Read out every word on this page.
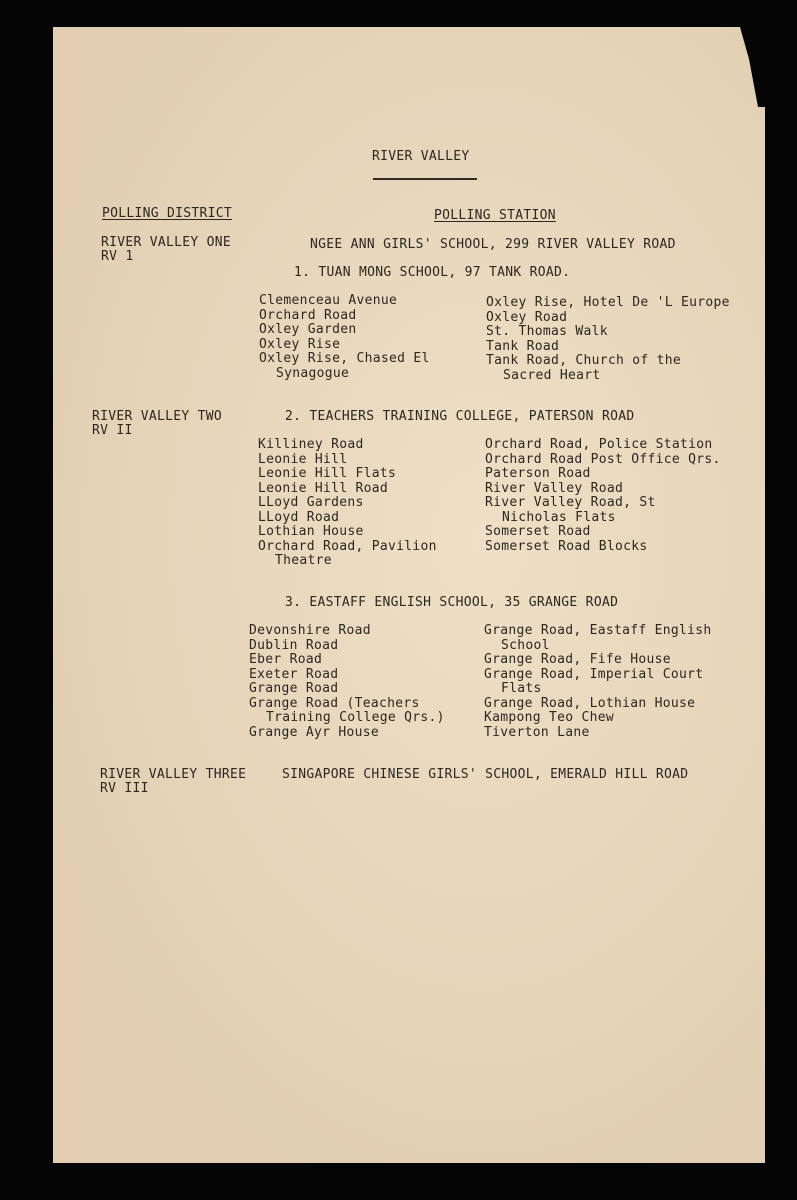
RIVER VALLEY
POLLING DISTRICT	POLLING STATION
RIVER VALLEY ONE
RV 1
NGEE ANN GIRLS' SCHOOL, 299 RIVER VALLEY ROAD
1. TUAN MONG SCHOOL, 97 TANK ROAD.
Clemenceau Avenue
Orchard Road
Oxley Garden
Oxley Rise
Oxley Rise, Chased El
Synagogue
Oxley Rise, Hotel De 'L Europe
Oxley Road
St. Thomas Walk
Tank Road
Tank Road, Church of the
Sacred Heart
RIVER VALLEY TWO
RV II
2. TEACHERS TRAINING COLLEGE, PATERSON ROAD
Killiney Road
Leonie Hill
Leonie Hill Flats
Leonie Hill Road
LLoyd Gardens
LLoyd Road
Lothian House
Orchard Road, Pavilion
Theatre
Orchard Road, Police Station
Orchard Road Post Office Qrs.
Paterson Road
River Valley Road
River Valley Road, St
Nicholas Flats
Somerset Road
Somerset Road Blocks
3. EASTAFF ENGLISH SCHOOL, 35 GRANGE ROAD
Devonshire Road
Dublin Road
Eber Road
Exeter Road
Grange Road
Grange Road (Teachers
Training College Qrs.)
Grange Ayr House
Grange Road, Eastaff English
School
Grange Road, Fife House
Grange Road, Imperial Court
Flats
Grange Road, Lothian House
Kampong Teo Chew
Tiverton Lane
RIVER VALLEY THREE
RV III
SINGAPORE CHINESE GIRLS' SCHOOL, EMERALD HILL ROAD
